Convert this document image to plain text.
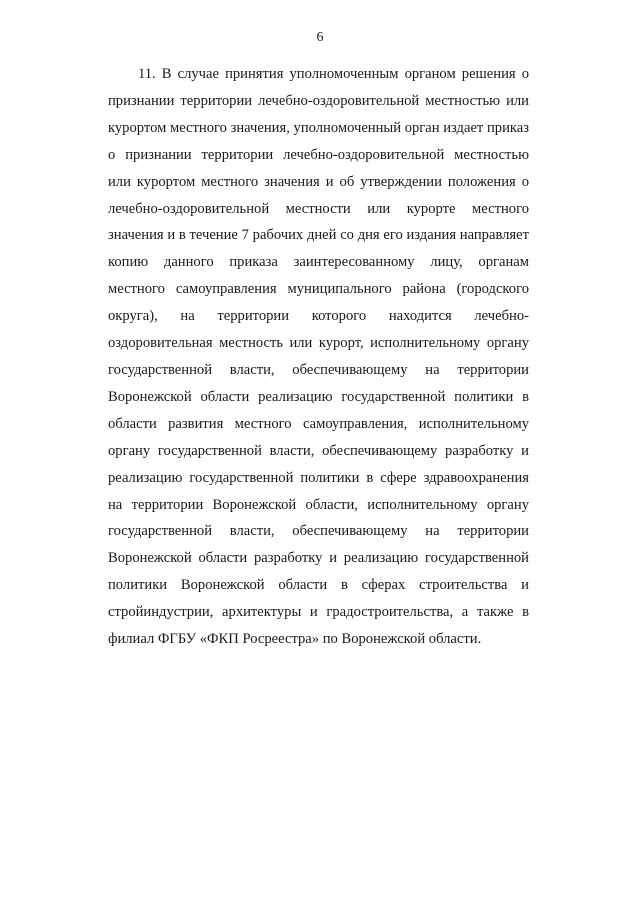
6

11. В случае принятия уполномоченным органом решения о признании территории лечебно-оздоровительной местностью или курортом местного значения, уполномоченный орган издает приказ о признании территории лечебно-оздоровительной местностью или курортом местного значения и об утверждении положения о лечебно-оздоровительной местности или курорте местного значения и в течение 7 рабочих дней со дня его издания направляет копию данного приказа заинтересованному лицу, органам местного самоуправления муниципального района (городского округа), на территории которого находится лечебно-оздоровительная местность или курорт, исполнительному органу государственной власти, обеспечивающему на территории Воронежской области реализацию государственной политики в области развития местного самоуправления, исполнительному органу государственной власти, обеспечивающему разработку и реализацию государственной политики в сфере здравоохранения на территории Воронежской области, исполнительному органу государственной власти, обеспечивающему на территории Воронежской области разработку и реализацию государственной политики Воронежской области в сферах строительства и стройиндустрии, архитектуры и градостроительства, а также в филиал ФГБУ «ФКП Росреестра» по Воронежской области.
